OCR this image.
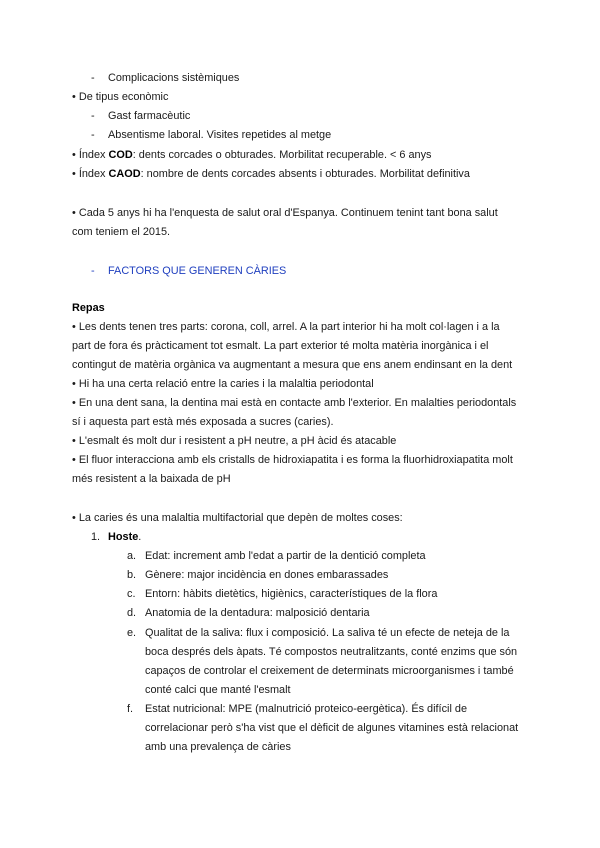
- Complicacions sistèmiques
• De tipus econòmic
- Gast farmacèutic
- Absentisme laboral. Visites repetides al metge
• Índex COD: dents corcades o obturades. Morbilitat recuperable. < 6 anys
• Índex CAOD: nombre de dents corcades absents i obturades. Morbilitat definitiva
• Cada 5 anys hi ha l'enquesta de salut oral d'Espanya. Continuem tenint tant bona salut
com teniem el 2015.
- FACTORS QUE GENEREN CÀRIES
Repas
• Les dents tenen tres parts: corona, coll, arrel. A la part interior hi ha molt col·lagen i a la
part de fora és pràcticament tot esmalt. La part exterior té molta matèria inorgànica i el
contingut de matèria orgànica va augmentant a mesura que ens anem endinsant en la dent
• Hi ha una certa relació entre la caries i la malaltia periodontal
• En una dent sana, la dentina mai està en contacte amb l'exterior. En malalties periodontals
sí i aquesta part està més exposada a sucres (caries).
• L'esmalt és molt dur i resistent a pH neutre, a pH àcid és atacable
• El fluor interacciona amb els cristalls de hidroxiapatita i es forma la fluorhidroxiapatita molt
més resistent a la baixada de pH
• La caries és una malaltia multifactorial que depèn de moltes coses:
1. Hoste.
a. Edat: increment amb l'edat a partir de la dentició completa
b. Gènere: major incidència en dones embarassades
c. Entorn: hàbits dietètics, higiènics, característiques de la flora
d. Anatomia de la dentadura: malposició dentaria
e. Qualitat de la saliva: flux i composició. La saliva té un efecte de neteja de la
boca després dels àpats. Té compostos neutralitzants, conté enzims que són
capaços de controlar el creixement de determinats microorganismes i també
conté calci que manté l'esmalt
f. Estat nutricional: MPE (malnutrició proteico-eergètica). És difícil de
correlacionar però s'ha vist que el dèficit de algunes vitamines està relacionat
amb una prevalença de càries
